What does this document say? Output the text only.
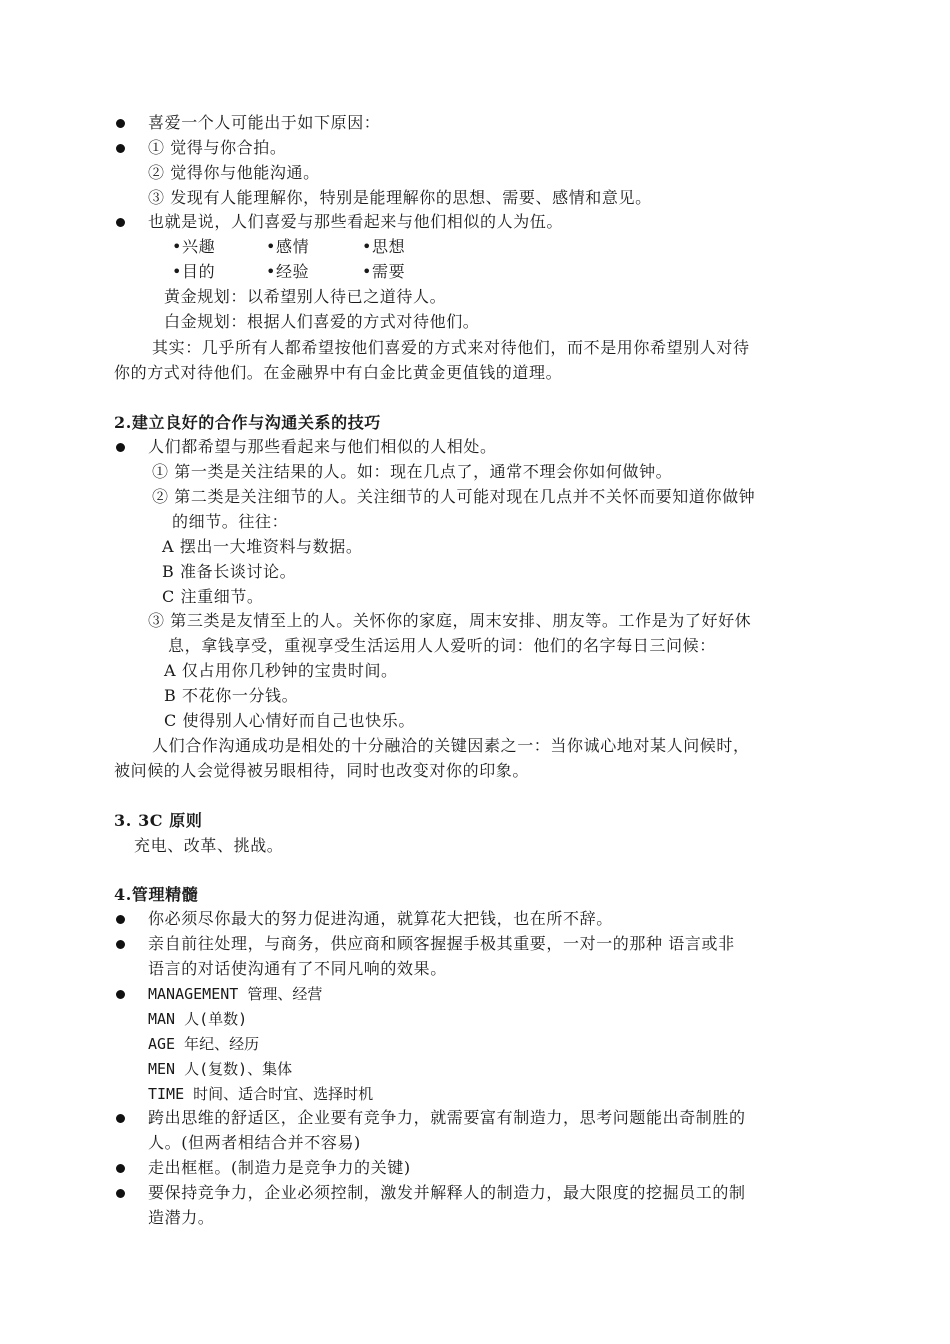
喜爱一个人可能出于如下原因：
① 觉得与你合拍。
② 觉得你与他能沟通。
③ 发现有人能理解你，特别是能理解你的思想、需要、感情和意见。
也就是说，人们喜爱与那些看起来与他们相似的人为伍。
•兴趣	•感情	•思想
•目的	•经验	•需要
黄金规划：以希望别人待已之道待人。
白金规划：根据人们喜爱的方式对待他们。
其实：几乎所有人都希望按他们喜爱的方式来对待他们，而不是用你希望别人对待
你的方式对待他们。在金融界中有白金比黄金更值钱的道理。
2.建立良好的合作与沟通关系的技巧
人们都希望与那些看起来与他们相似的人相处。
① 第一类是关注结果的人。如：现在几点了，通常不理会你如何做钟。
② 第二类是关注细节的人。关注细节的人可能对现在几点并不关怀而要知道你做钟
的细节。往往：
A 摆出一大堆资料与数据。
B 准备长谈讨论。
C 注重细节。
③ 第三类是友情至上的人。关怀你的家庭，周末安排、朋友等。工作是为了好好休
息，拿钱享受，重视享受生活运用人人爱听的词：他们的名字每日三问候：
A 仅占用你几秒钟的宝贵时间。
B 不花你一分钱。
C 使得别人心情好而自己也快乐。
人们合作沟通成功是相处的十分融洽的关键因素之一：当你诚心地对某人问候时，
被问候的人会觉得被另眼相待，同时也改变对你的印象。
3. 3C 原则
充电、改革、挑战。
4.管理精髓
你必须尽你最大的努力促进沟通，就算花大把钱，也在所不辞。
亲自前往处理，与商务，供应商和顾客握握手极其重要，一对一的那种 语言或非
语言的对话使沟通有了不同凡响的效果。
MANAGEMENT 管理、经营
MAN 人(单数)
AGE 年纪、经历
MEN 人(复数)、集体
TIME 时间、适合时宜、选择时机
跨出思维的舒适区，企业要有竞争力，就需要富有制造力，思考问题能出奇制胜的
人。(但两者相结合并不容易)
走出框框。(制造力是竞争力的关键)
要保持竞争力，企业必须控制，激发并解释人的制造力，最大限度的挖掘员工的制
造潜力。
